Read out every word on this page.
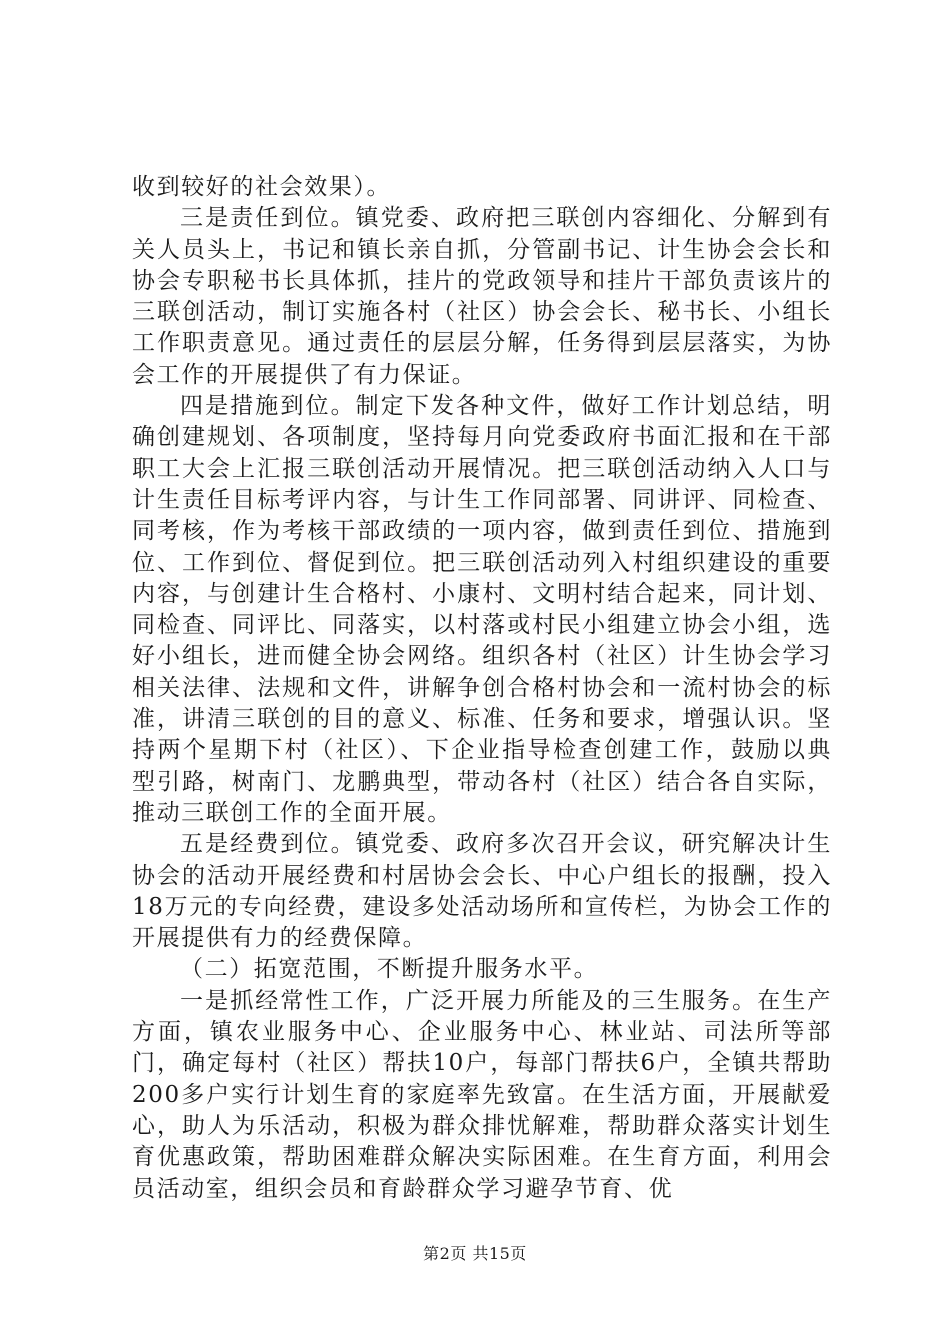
收到较好的社会效果）。

三是责任到位。镇党委、政府把三联创内容细化、分解到有关人员头上，书记和镇长亲自抓，分管副书记、计生协会会长和协会专职秘书长具体抓，挂片的党政领导和挂片干部负责该片的三联创活动，制订实施各村（社区）协会会长、秘书长、小组长工作职责意见。通过责任的层层分解，任务得到层层落实，为协会工作的开展提供了有力保证。

四是措施到位。制定下发各种文件，做好工作计划总结，明确创建规划、各项制度，坚持每月向党委政府书面汇报和在干部职工大会上汇报三联创活动开展情况。把三联创活动纳入人口与计生责任目标考评内容，与计生工作同部署、同讲评、同检查、同考核，作为考核干部政绩的一项内容，做到责任到位、措施到位、工作到位、督促到位。把三联创活动列入村组织建设的重要内容，与创建计生合格村、小康村、文明村结合起来，同计划、同检查、同评比、同落实，以村落或村民小组建立协会小组，选好小组长，进而健全协会网络。组织各村（社区）计生协会学习相关法律、法规和文件，讲解争创合格村协会和一流村协会的标准，讲清三联创的目的意义、标准、任务和要求，增强认识。坚持两个星期下村（社区）、下企业指导检查创建工作，鼓励以典型引路，树南门、龙鹏典型，带动各村（社区）结合各自实际，推动三联创工作的全面开展。

五是经费到位。镇党委、政府多次召开会议，研究解决计生协会的活动开展经费和村居协会会长、中心户组长的报酬，投入18万元的专向经费，建设多处活动场所和宣传栏，为协会工作的开展提供有力的经费保障。

（二）拓宽范围，不断提升服务水平。

一是抓经常性工作，广泛开展力所能及的三生服务。在生产方面，镇农业服务中心、企业服务中心、林业站、司法所等部门，确定每村（社区）帮扶10户，每部门帮扶6户，全镇共帮助200多户实行计划生育的家庭率先致富。在生活方面，开展献爱心，助人为乐活动，积极为群众排忧解难，帮助群众落实计划生育优惠政策，帮助困难群众解决实际困难。在生育方面，利用会员活动室，组织会员和育龄群众学习避孕节育、优

第2页 共15页
